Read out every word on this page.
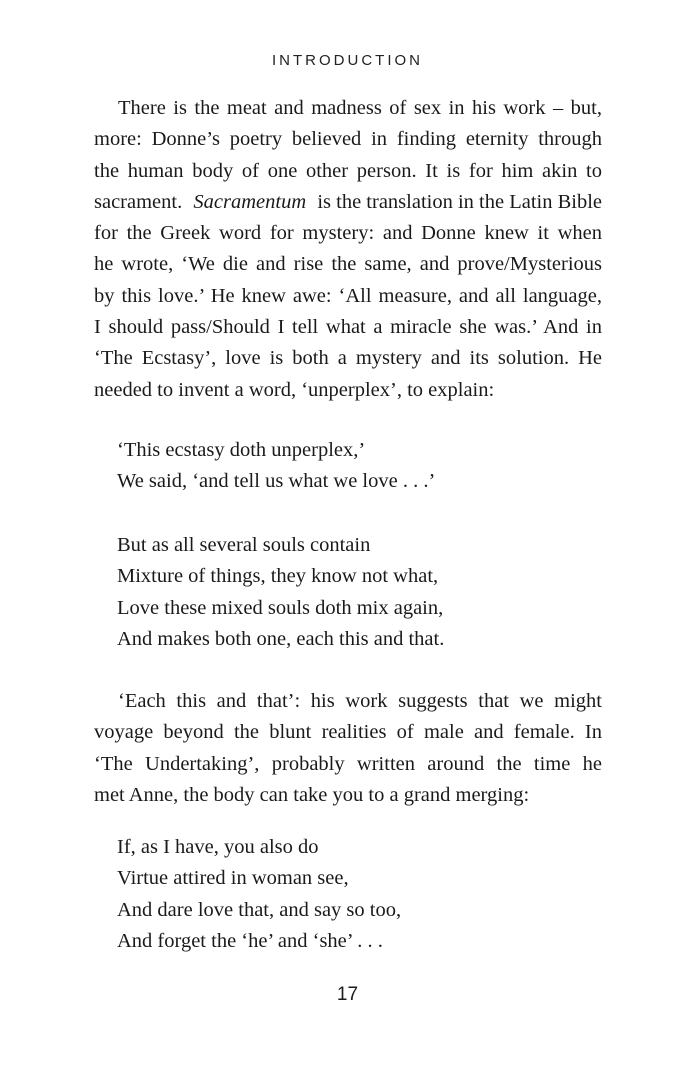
INTRODUCTION
There is the meat and madness of sex in his work – but,
more: Donne’s poetry believed in finding eternity through
the human body of one other person. It is for him akin to
sacrament. Sacramentum is the translation in the Latin Bible
for the Greek word for mystery: and Donne knew it when
he wrote, ‘We die and rise the same, and prove/Mysterious
by this love.’ He knew awe: ‘All measure, and all language,
I should pass/Should I tell what a miracle she was.’ And in
‘The Ecstasy’, love is both a mystery and its solution. He
needed to invent a word, ‘unperplex’, to explain:
‘This ecstasy doth unperplex,’
We said, ‘and tell us what we love . . .’
But as all several souls contain
Mixture of things, they know not what,
Love these mixed souls doth mix again,
And makes both one, each this and that.
‘Each this and that’: his work suggests that we might
voyage beyond the blunt realities of male and female. In
‘The Undertaking’, probably written around the time he
met Anne, the body can take you to a grand merging:
If, as I have, you also do
Virtue attired in woman see,
And dare love that, and say so too,
And forget the ‘he’ and ‘she’ . . .
17
